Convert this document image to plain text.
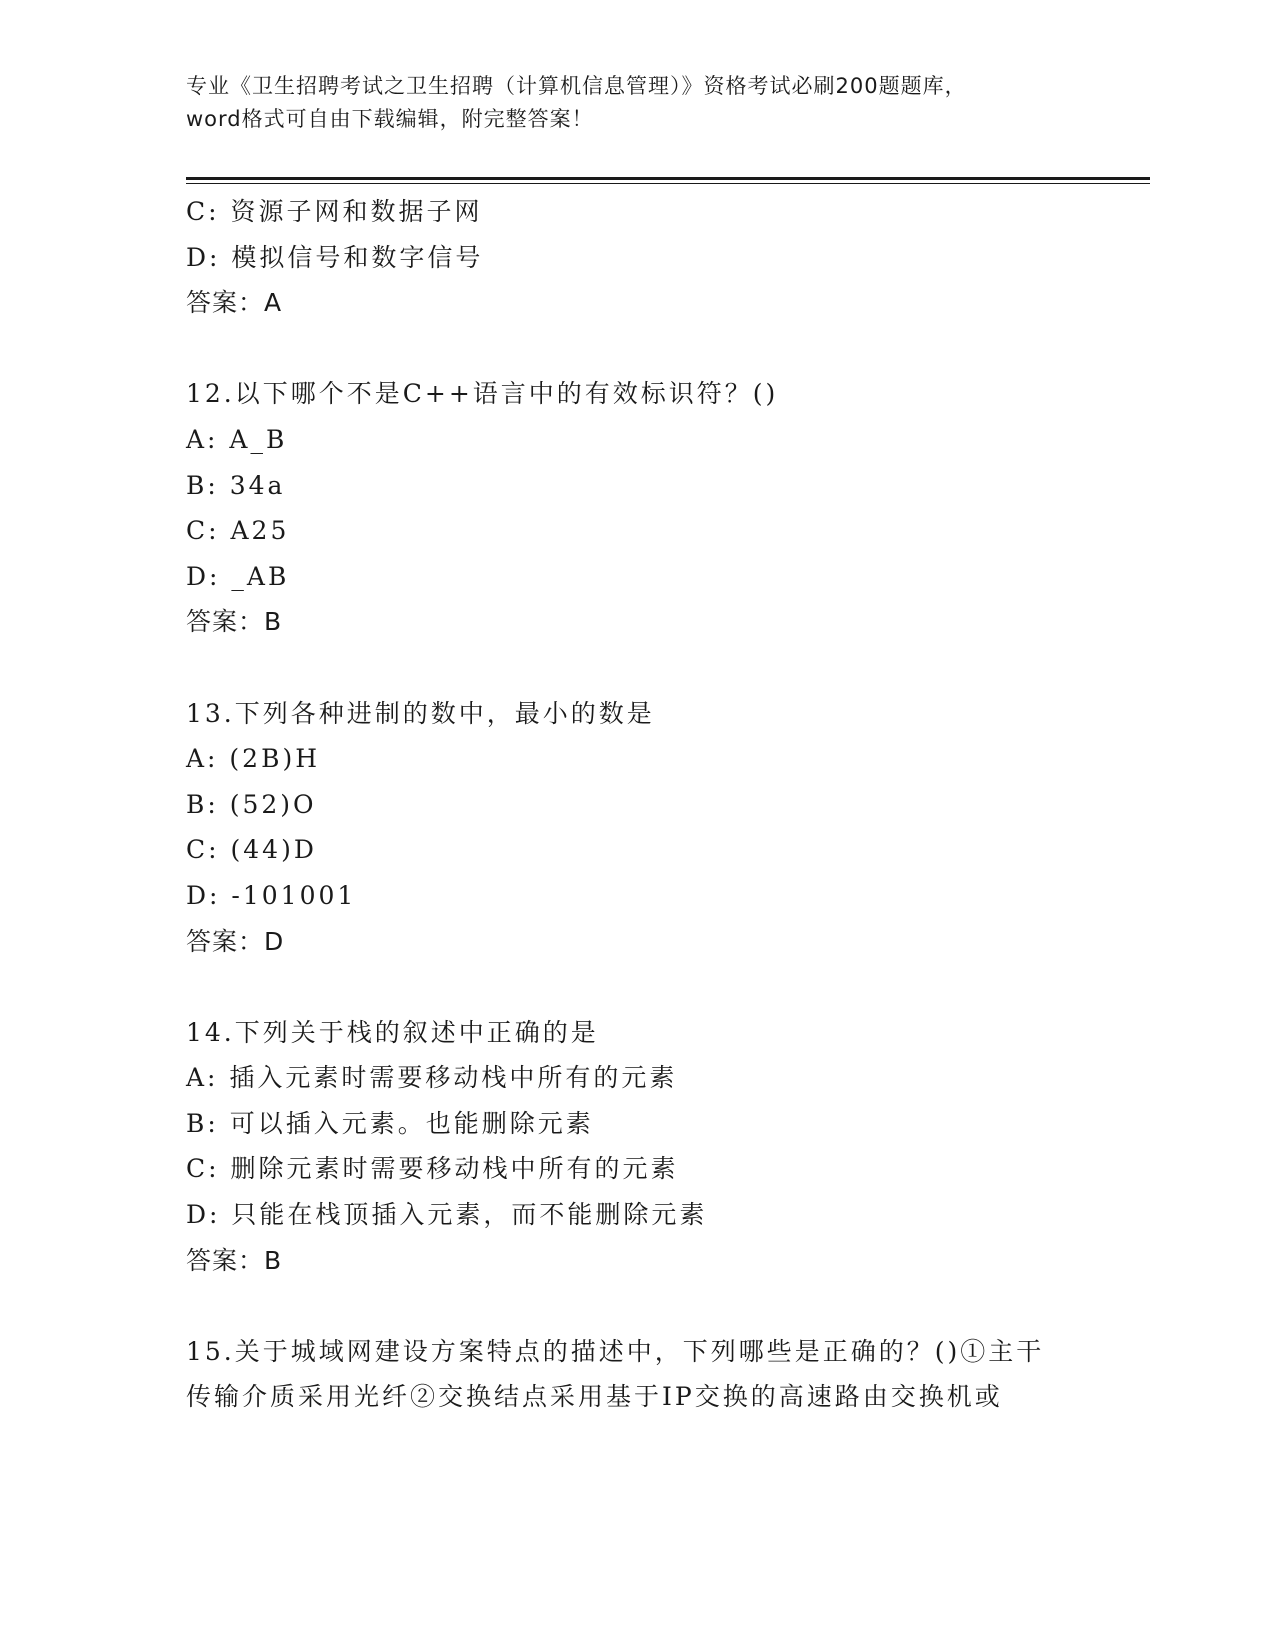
专业《卫生招聘考试之卫生招聘（计算机信息管理）》资格考试必刷200题题库，
word格式可自由下载编辑，附完整答案！
C: 资源子网和数据子网
D: 模拟信号和数字信号
答案：A
12.以下哪个不是C++语言中的有效标识符？()
A: A_B
B: 34a
C: A25
D: _AB
答案：B
13.下列各种进制的数中，最小的数是
A: (2B)H
B: (52)O
C: (44)D
D: -101001
答案：D
14.下列关于栈的叙述中正确的是
A: 插入元素时需要移动栈中所有的元素
B: 可以插入元素。也能删除元素
C: 删除元素时需要移动栈中所有的元素
D: 只能在栈顶插入元素，而不能删除元素
答案：B
15.关于城域网建设方案特点的描述中，下列哪些是正确的？()①主干
传输介质采用光纤②交换结点采用基于IP交换的高速路由交换机或
